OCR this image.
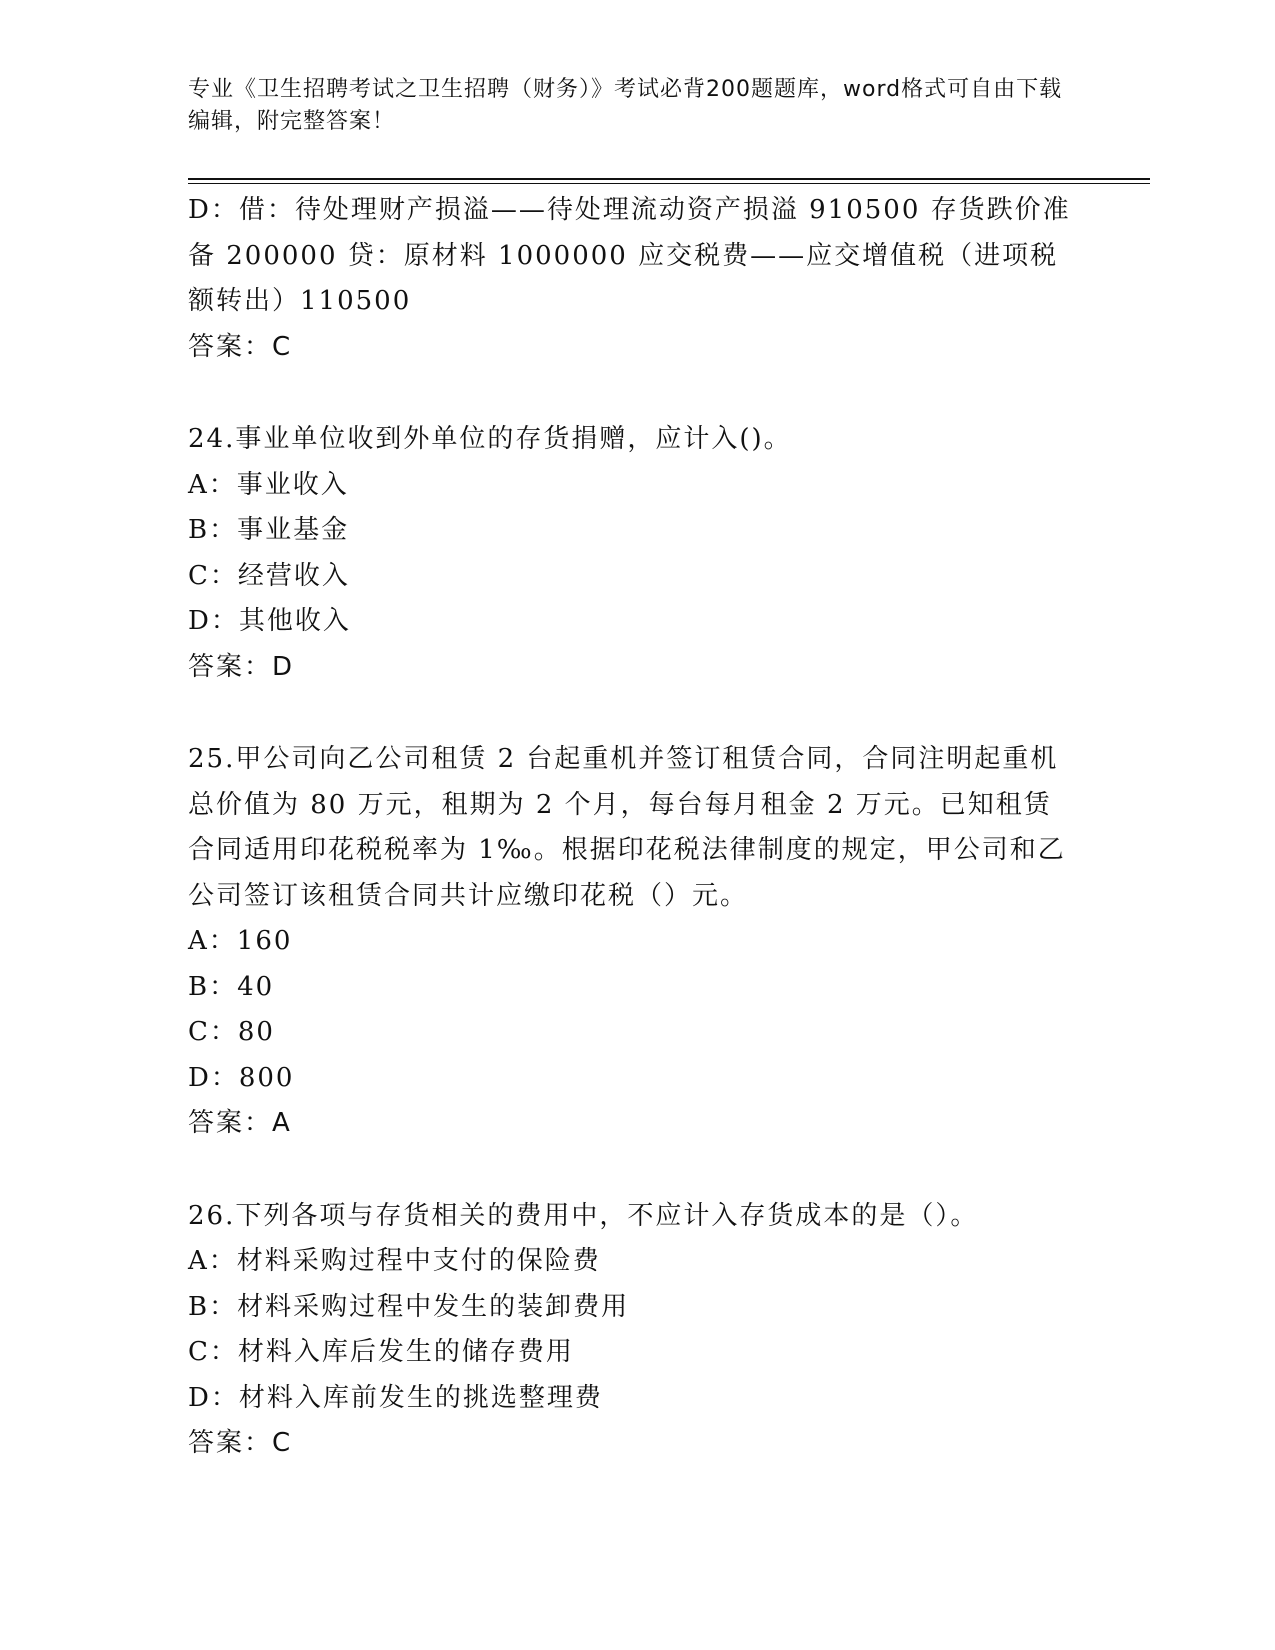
专业《卫生招聘考试之卫生招聘（财务）》考试必背200题题库，word格式可自由下载编辑，附完整答案！
D：借：待处理财产损溢——待处理流动资产损溢 910500 存货跌价准备 200000 贷：原材料 1000000 应交税费——应交增值税（进项税额转出）110500
答案：C
24.事业单位收到外单位的存货捐赠，应计入()。
A：事业收入
B：事业基金
C：经营收入
D：其他收入
答案：D
25.甲公司向乙公司租赁 2 台起重机并签订租赁合同，合同注明起重机总价值为 80 万元，租期为 2 个月，每台每月租金 2 万元。已知租赁合同适用印花税税率为 1‰。根据印花税法律制度的规定，甲公司和乙公司签订该租赁合同共计应缴印花税（）元。
A：160
B：40
C：80
D：800
答案：A
26.下列各项与存货相关的费用中，不应计入存货成本的是（）。
A：材料采购过程中支付的保险费
B：材料采购过程中发生的装卸费用
C：材料入库后发生的储存费用
D：材料入库前发生的挑选整理费
答案：C
